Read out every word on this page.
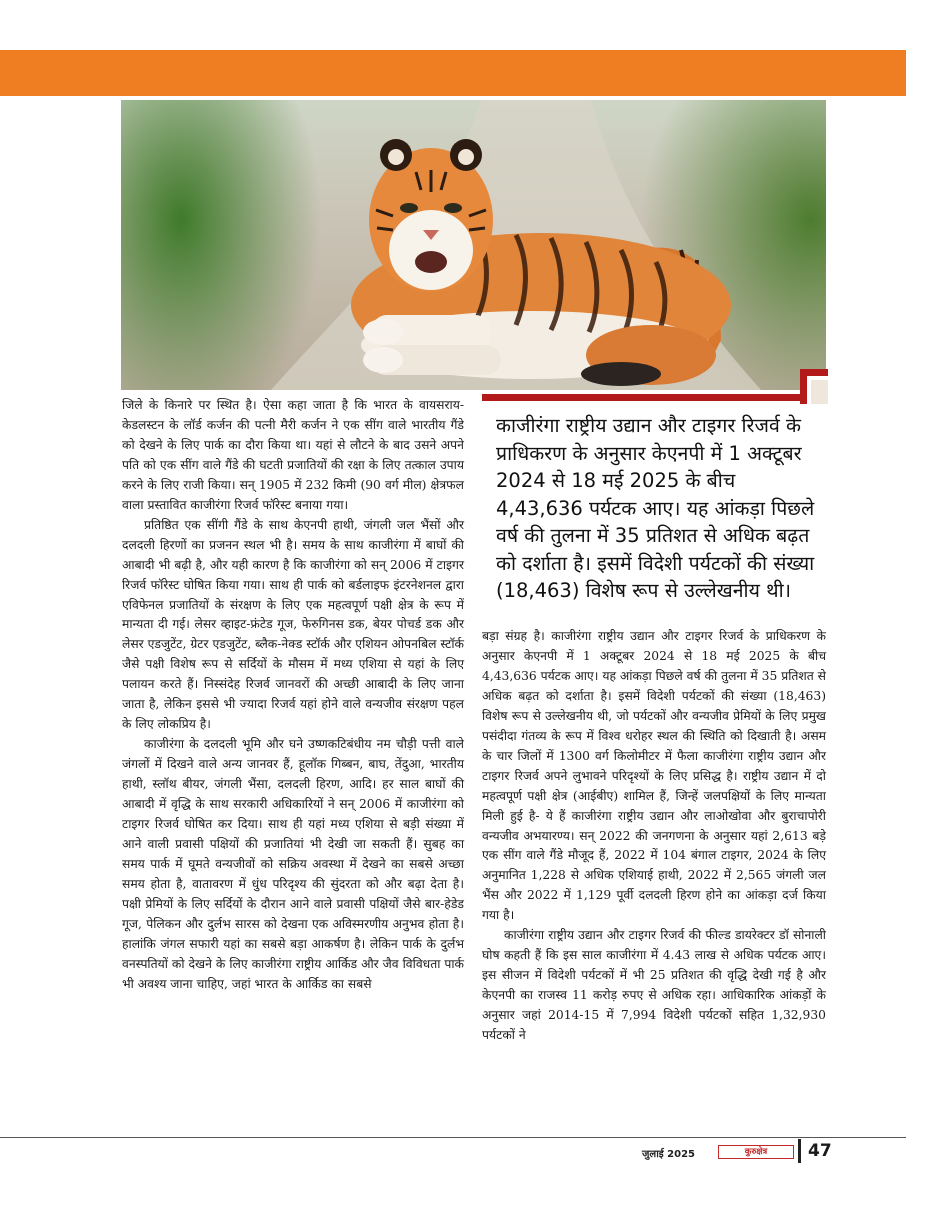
काजीरंगा राष्ट्रीय उद्यान और टाइगर रिजर्व के प्राधिकरण के अनुसार केएनपी में 1 अक्टूबर 2024 से 18 मई 2025 के बीच 4,43,636 पर्यटक आए। यह आंकड़ा पिछले वर्ष की तुलना में 35 प्रतिशत से अधिक बढ़त को दर्शाता है। इसमें विदेशी पर्यटकों की संख्या (18,463) विशेष रूप से उल्लेखनीय थी।

जिले के किनारे पर स्थित है। ऐसा कहा जाता है कि भारत के वायसराय- केडलस्टन के लॉर्ड कर्जन की पत्नी मैरी कर्जन ने एक सींग वाले भारतीय गैंडे को देखने के लिए पार्क का दौरा किया था। यहां से लौटने के बाद उसने अपने पति को एक सींग वाले गैंडे की घटती प्रजातियों की रक्षा के लिए तत्काल उपाय करने के लिए राजी किया। सन् 1905 में 232 किमी (90 वर्ग मील) क्षेत्रफल वाला प्रस्तावित काजीरंगा रिजर्व फॉरेस्ट बनाया गया।

प्रतिष्ठित एक सींगी गैंडे के साथ केएनपी हाथी, जंगली जल भैंसों और दलदली हिरणों का प्रजनन स्थल भी है। समय के साथ काजीरंगा में बाघों की आबादी भी बढ़ी है, और यही कारण है कि काजीरंगा को सन् 2006 में टाइगर रिजर्व फॉरेस्ट घोषित किया गया। साथ ही पार्क को बर्डलाइफ इंटरनेशनल द्वारा एविफेनल प्रजातियों के संरक्षण के लिए एक महत्वपूर्ण पक्षी क्षेत्र के रूप में मान्यता दी गई। लेसर व्हाइट-फ्रंटेड गूज, फेरुगिनस डक, बेयर पोचर्ड डक और लेसर एडजुटेंट, ग्रेटर एडजुटेंट, ब्लैक-नेक्ड स्टॉर्क और एशियन ओपनबिल स्टॉर्क जैसे पक्षी विशेष रूप से सर्दियों के मौसम में मध्य एशिया से यहां के लिए पलायन करते हैं। निस्संदेह रिजर्व जानवरों की अच्छी आबादी के लिए जाना जाता है, लेकिन इससे भी ज्यादा रिजर्व यहां होने वाले वन्यजीव संरक्षण पहल के लिए लोकप्रिय है।

काजीरंगा के दलदली भूमि और घने उष्णकटिबंधीय नम चौड़ी पत्ती वाले जंगलों में दिखने वाले अन्य जानवर हैं, हूलॉक गिब्बन, बाघ, तेंदुआ, भारतीय हाथी, स्लॉथ बीयर, जंगली भैंसा, दलदली हिरण, आदि। हर साल बाघों की आबादी में वृद्धि के साथ सरकारी अधिकारियों ने सन् 2006 में काजीरंगा को टाइगर रिजर्व घोषित कर दिया। साथ ही यहां मध्य एशिया से बड़ी संख्या में आने वाली प्रवासी पक्षियों की प्रजातियां भी देखी जा सकती हैं। सुबह का समय पार्क में घूमते वन्यजीवों को सक्रिय अवस्था में देखने का सबसे अच्छा समय होता है, वातावरण में धुंध परिदृश्य की सुंदरता को और बढ़ा देता है। पक्षी प्रेमियों के लिए सर्दियों के दौरान आने वाले प्रवासी पक्षियों जैसे बार-हेडेड गूज, पेलिकन और दुर्लभ सारस को देखना एक अविस्मरणीय अनुभव होता है। हालांकि जंगल सफारी यहां का सबसे बड़ा आकर्षण है। लेकिन पार्क के दुर्लभ वनस्पतियों को देखने के लिए काजीरंगा राष्ट्रीय आर्किड और जैव विविधता पार्क भी अवश्य जाना चाहिए, जहां भारत के आर्किड का सबसे

बड़ा संग्रह है। काजीरंगा राष्ट्रीय उद्यान और टाइगर रिजर्व के प्राधिकरण के अनुसार केएनपी में 1 अक्टूबर 2024 से 18 मई 2025 के बीच 4,43,636 पर्यटक आए। यह आंकड़ा पिछले वर्ष की तुलना में 35 प्रतिशत से अधिक बढ़त को दर्शाता है। इसमें विदेशी पर्यटकों की संख्या (18,463) विशेष रूप से उल्लेखनीय थी, जो पर्यटकों और वन्यजीव प्रेमियों के लिए प्रमुख पसंदीदा गंतव्य के रूप में विश्व धरोहर स्थल की स्थिति को दिखाती है। असम के चार जिलों में 1300 वर्ग किलोमीटर में फैला काजीरंगा राष्ट्रीय उद्यान और टाइगर रिजर्व अपने लुभावने परिदृश्यों के लिए प्रसिद्ध है। राष्ट्रीय उद्यान में दो महत्वपूर्ण पक्षी क्षेत्र (आईबीए) शामिल हैं, जिन्हें जलपक्षियों के लिए मान्यता मिली हुई है- ये हैं काजीरंगा राष्ट्रीय उद्यान और लाओखोवा और बुराचापोरी वन्यजीव अभयारण्य। सन् 2022 की जनगणना के अनुसार यहां 2,613 बड़े एक सींग वाले गैंडे मौजूद हैं, 2022 में 104 बंगाल टाइगर, 2024 के लिए अनुमानित 1,228 से अधिक एशियाई हाथी, 2022 में 2,565 जंगली जल भैंस और 2022 में 1,129 पूर्वी दलदली हिरण होने का आंकड़ा दर्ज किया गया है।

काजीरंगा राष्ट्रीय उद्यान और टाइगर रिजर्व की फील्ड डायरेक्टर डॉ सोनाली घोष कहती हैं कि इस साल काजीरंगा में 4.43 लाख से अधिक पर्यटक आए। इस सीजन में विदेशी पर्यटकों में भी 25 प्रतिशत की वृद्धि देखी गई है और केएनपी का राजस्व 11 करोड़ रुपए से अधिक रहा। आधिकारिक आंकड़ों के अनुसार जहां 2014-15 में 7,994 विदेशी पर्यटकों सहित 1,32,930 पर्यटकों ने

जुलाई 2025	कुरुक्षेत्र	47
